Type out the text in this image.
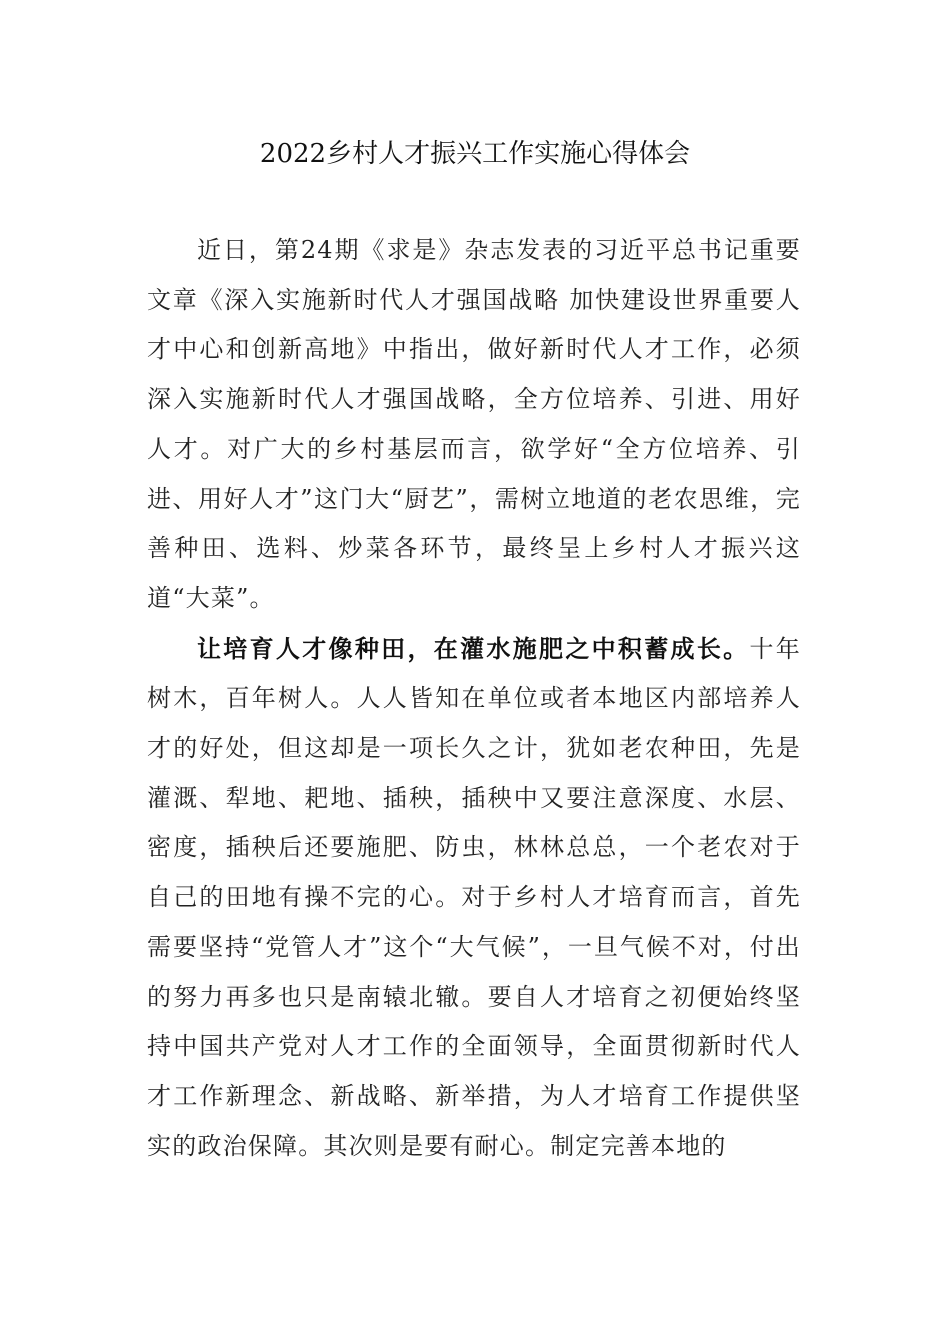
2022乡村人才振兴工作实施心得体会

近日，第24期《求是》杂志发表的习近平总书记重要文章《深入实施新时代人才强国战略 加快建设世界重要人才中心和创新高地》中指出，做好新时代人才工作，必须深入实施新时代人才强国战略，全方位培养、引进、用好人才。对广大的乡村基层而言，欲学好“全方位培养、引进、用好人才”这门大“厨艺”，需树立地道的老农思维，完善种田、选料、炒菜各环节，最终呈上乡村人才振兴这道“大菜”。

让培育人才像种田，在灌水施肥之中积蓄成长。十年树木，百年树人。人人皆知在单位或者本地区内部培养人才的好处，但这却是一项长久之计，犹如老农种田，先是灌溉、犁地、耙地、插秧，插秧中又要注意深度、水层、密度，插秧后还要施肥、防虫，林林总总，一个老农对于自己的田地有操不完的心。对于乡村人才培育而言，首先需要坚持“党管人才”这个“大气候”，一旦气候不对，付出的努力再多也只是南辕北辙。要自人才培育之初便始终坚持中国共产党对人才工作的全面领导，全面贯彻新时代人才工作新理念、新战略、新举措，为人才培育工作提供坚实的政治保障。其次则是要有耐心。制定完善本地的
